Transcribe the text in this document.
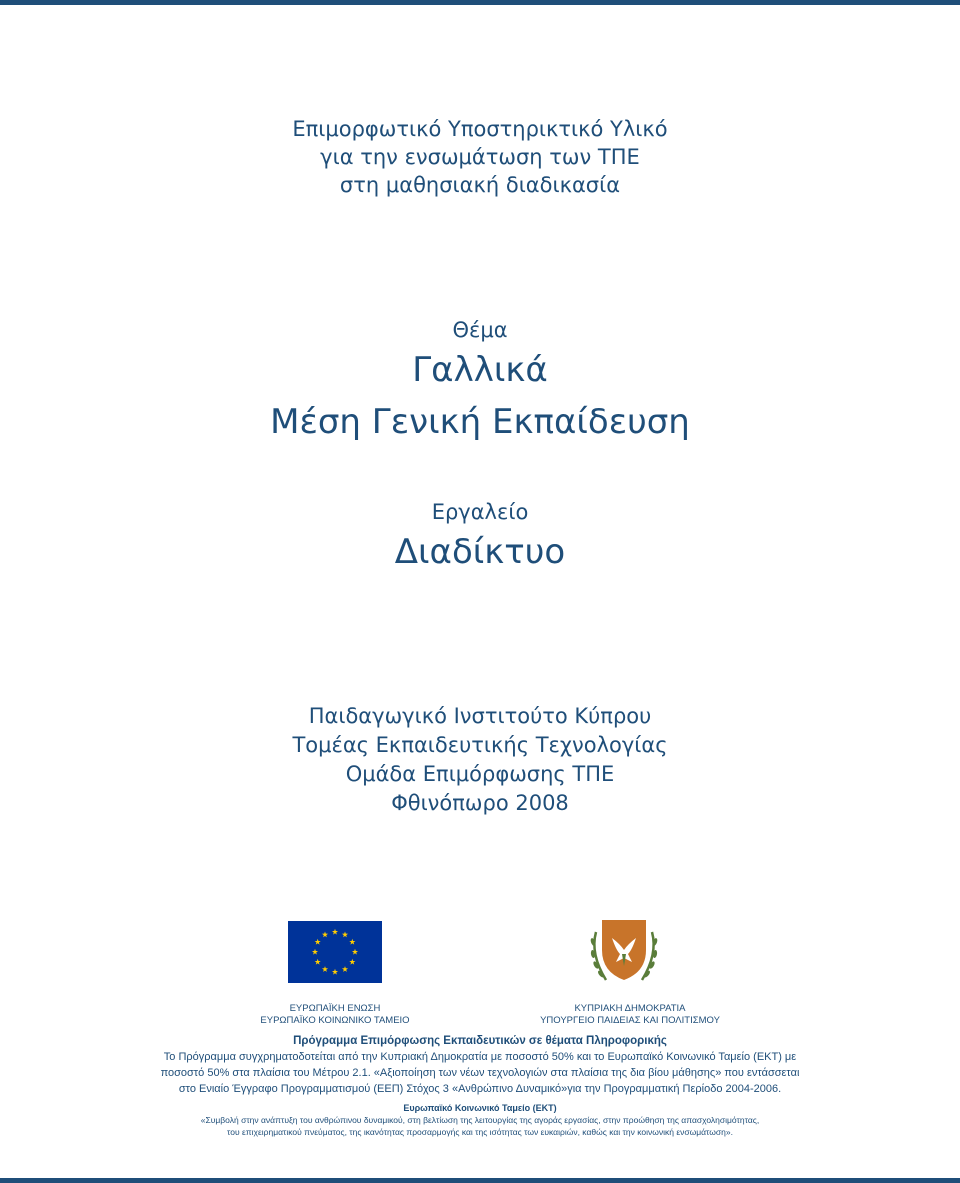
Επιμορφωτικό Υποστηρικτικό Υλικό
για την ενσωμάτωση των ΤΠΕ
στη μαθησιακή διαδικασία
Θέμα
Γαλλικά
Μέση Γενική Εκπαίδευση
Εργαλείο
Διαδίκτυο
Παιδαγωγικό Ινστιτούτο Κύπρου
Τομέας Εκπαιδευτικής Τεχνολογίας
Ομάδα Επιμόρφωσης ΤΠΕ
Φθινόπωρο 2008
ΕΥΡΩΠΑΪΚΗ ΕΝΩΣΗ
ΕΥΡΩΠΑΪΚΟ ΚΟΙΝΩΝΙΚΟ ΤΑΜΕΙΟ
ΚΥΠΡΙΑΚΗ ΔΗΜΟΚΡΑΤΙΑ
ΥΠΟΥΡΓΕΙΟ ΠΑΙΔΕΙΑΣ ΚΑΙ ΠΟΛΙΤΙΣΜΟΥ
Πρόγραμμα Επιμόρφωσης Εκπαιδευτικών σε θέματα Πληροφορικής
Το Πρόγραμμα συγχρηματοδοτείται από την Κυπριακή Δημοκρατία με ποσοστό 50% και το Ευρωπαϊκό Κοινωνικό Ταμείο (ΕΚΤ) με
ποσοστό 50% στα πλαίσια του Μέτρου 2.1. «Αξιοποίηση των νέων τεχνολογιών στα πλαίσια της δια βίου μάθησης» που εντάσσεται
στο Ενιαίο Έγγραφο Προγραμματισμού (ΕΕΠ) Στόχος 3 «Ανθρώπινο Δυναμικό»για την Προγραμματική Περίοδο 2004-2006.
Ευρωπαϊκό Κοινωνικό Ταμείο (ΕΚΤ)
«Συμβολή στην ανάπτυξη του ανθρώπινου δυναμικού, στη βελτίωση της λειτουργίας της αγοράς εργασίας, στην προώθηση της απασχολησιμότητας,
του επιχειρηματικού πνεύματος, της ικανότητας προσαρμογής και της ισότητας των ευκαιριών, καθώς και την κοινωνική ενσωμάτωση».
